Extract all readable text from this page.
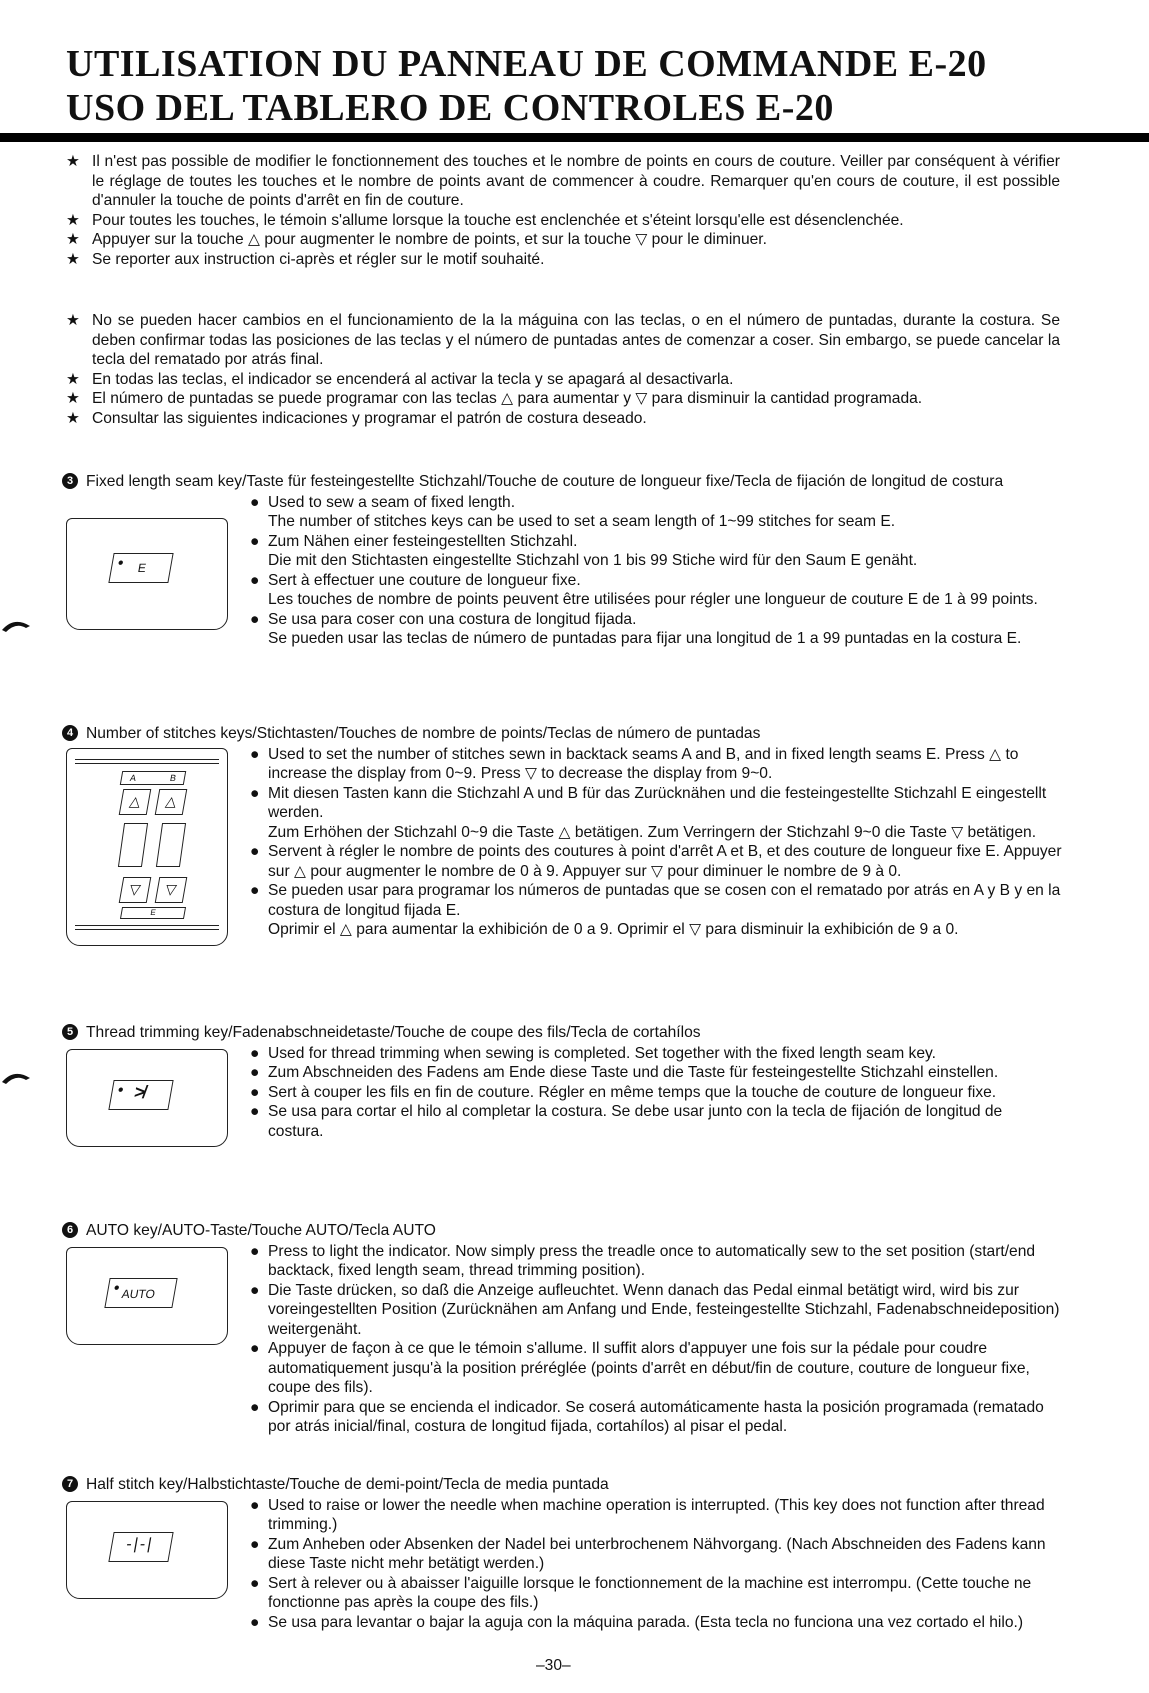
UTILISATION DU PANNEAU DE COMMANDE E-20
USO DEL TABLERO DE CONTROLES E-20
★ Il n'est pas possible de modifier le fonctionnement des touches et le nombre de points en cours de couture. Veiller par conséquent à vérifier le réglage de toutes les touches et le nombre de points avant de commencer à coudre. Remarquer qu'en cours de couture, il est possible d'annuler la touche de points d'arrêt en fin de couture.
★ Pour toutes les touches, le témoin s'allume lorsque la touche est enclenchée et s'éteint lorsqu'elle est désenclenchée.
★ Appuyer sur la touche △ pour augmenter le nombre de points, et sur la touche ▽ pour le diminuer.
★ Se reporter aux instruction ci-après et régler sur le motif souhaité.
★ No se pueden hacer cambios en el funcionamiento de la la máguina con las teclas, o en el número de puntadas, durante la costura. Se deben confirmar todas las posiciones de las teclas y el número de puntadas antes de comenzar a coser. Sin embargo, se puede cancelar la tecla del rematado por atrás final.
★ En todas las teclas, el indicador se encenderá al activar la tecla y se apagará al desactivarla.
★ El número de puntadas se puede programar con las teclas △ para aumentar y ▽ para disminuir la cantidad programada.
★ Consultar las siguientes indicaciones y programar el patrón de costura deseado.
3 Fixed length seam key/Taste für festeingestellte Stichzahl/Touche de couture de longueur fixe/Tecla de fijación de longitud de costura
• E
● Used to sew a seam of fixed length.
The number of stitches keys can be used to set a seam length of 1~99 stitches for seam E.
● Zum Nähen einer festeingestellten Stichzahl.
Die mit den Stichtasten eingestellte Stichzahl von 1 bis 99 Stiche wird für den Saum E genäht.
● Sert à effectuer une couture de longueur fixe.
Les touches de nombre de points peuvent être utilisées pour régler une longueur de couture E de 1 à 99 points.
● Se usa para coser con una costura de longitud fijada.
Se pueden usar las teclas de número de puntadas para fijar una longitud de 1 a 99 puntadas en la costura E.
4 Number of stitches keys/Stichtasten/Touches de nombre de points/Teclas de número de puntadas
A	B
△	△
▽	▽
E
● Used to set the number of stitches sewn in backtack seams A and B, and in fixed length seams E. Press △ to increase the display from 0~9. Press ▽ to decrease the display from 9~0.
● Mit diesen Tasten kann die Stichzahl A und B für das Zurücknähen und die festeingestellte Stichzahl E eingestellt werden.
Zum Erhöhen der Stichzahl 0~9 die Taste △ betätigen. Zum Verringern der Stichzahl 9~0 die Taste ▽ betätigen.
● Servent à régler le nombre de points des coutures à point d'arrêt A et B, et des couture de longueur fixe E. Appuyer sur △ pour augmenter le nombre de 0 à 9. Appuyer sur ▽ pour diminuer le nombre de 9 à 0.
● Se pueden usar para programar los números de puntadas que se cosen con el rematado por atrás en A y B y en la costura de longitud fijada E.
Oprimir el △ para aumentar la exhibición de 0 a 9. Oprimir el ▽ para disminuir la exhibición de 9 a 0.
5 Thread trimming key/Fadenabschneidetaste/Touche de coupe des fils/Tecla de cortahílos
• ≯
● Used for thread trimming when sewing is completed. Set together with the fixed length seam key.
● Zum Abschneiden des Fadens am Ende diese Taste und die Taste für festeingestellte Stichzahl einstellen.
● Sert à couper les fils en fin de couture. Régler en même temps que la touche de couture de longueur fixe.
● Se usa para cortar el hilo al completar la costura. Se debe usar junto con la tecla de fijación de longitud de costura.
6 AUTO key/AUTO-Taste/Touche AUTO/Tecla AUTO
• AUTO
● Press to light the indicator. Now simply press the treadle once to automatically sew to the set position (start/end backtack, fixed length seam, thread trimming position).
● Die Taste drücken, so daß die Anzeige aufleuchtet. Wenn danach das Pedal einmal betätigt wird, wird bis zur voreingestellten Position (Zurücknähen am Anfang und Ende, festeingestellte Stichzahl, Fadenabschneideposition) weitergenäht.
● Appuyer de façon à ce que le témoin s'allume. Il suffit alors d'appuyer une fois sur la pédale pour coudre automatiquement jusqu'à la position préréglée (points d'arrêt en début/fin de couture, couture de longueur fixe, coupe des fils).
● Oprimir para que se encienda el indicador. Se coserá automáticamente hasta la posición programada (rematado por atrás inicial/final, costura de longitud fijada, cortahílos) al pisar el pedal.
7 Half stitch key/Halbstichtaste/Touche de demi-point/Tecla de media puntada
-|-|
● Used to raise or lower the needle when machine operation is interrupted. (This key does not function after thread trimming.)
● Zum Anheben oder Absenken der Nadel bei unterbrochenem Nähvorgang. (Nach Abschneiden des Fadens kann diese Taste nicht mehr betätigt werden.)
● Sert à relever ou à abaisser l'aiguille lorsque le fonctionnement de la machine est interrompu. (Cette touche ne fonctionne pas après la coupe des fils.)
● Se usa para levantar o bajar la aguja con la máquina parada. (Esta tecla no funciona una vez cortado el hilo.)
–30–
